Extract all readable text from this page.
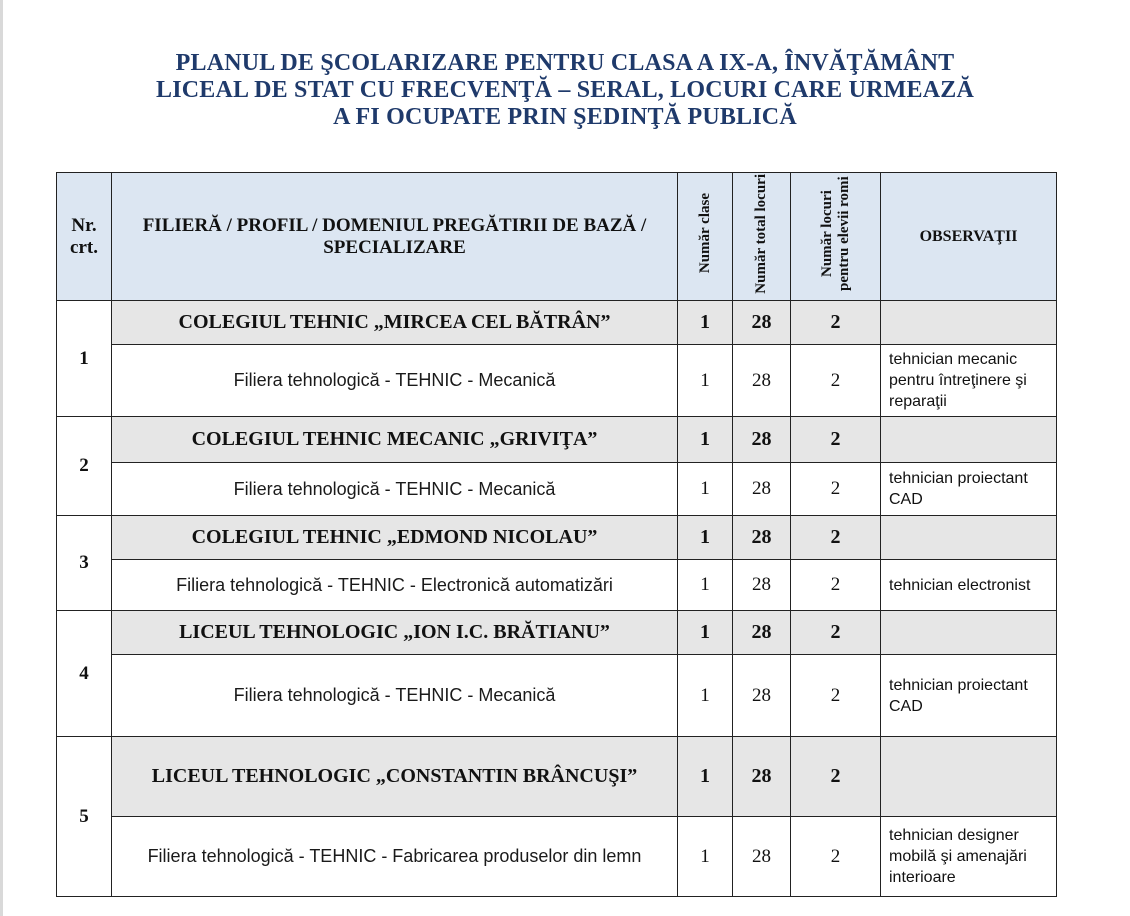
PLANUL DE ŞCOLARIZARE PENTRU CLASA A IX-A, ÎNVĂŢĂMÂNT
LICEAL DE STAT CU FRECVENŢĂ – SERAL, LOCURI CARE URMEAZĂ
A FI OCUPATE PRIN ŞEDINŢĂ PUBLICĂ
Nr. crt.	FILIERĂ / PROFIL / DOMENIUL PREGĂTIRII DE BAZĂ / SPECIALIZARE	Număr clase	Număr total locuri	Număr locuri pentru elevii romi	OBSERVAŢII
1	COLEGIUL TEHNIC „MIRCEA CEL BĂTRÂN”	1	28	2	
	Filiera tehnologică - TEHNIC - Mecanică	1	28	2	tehnician mecanic pentru întreţinere şi reparaţii
2	COLEGIUL TEHNIC MECANIC „GRIVIŢA”	1	28	2	
	Filiera tehnologică - TEHNIC - Mecanică	1	28	2	tehnician proiectant CAD
3	COLEGIUL TEHNIC „EDMOND NICOLAU”	1	28	2	
	Filiera tehnologică - TEHNIC - Electronică automatizări	1	28	2	tehnician electronist
4	LICEUL TEHNOLOGIC „ION I.C. BRĂTIANU”	1	28	2	
	Filiera tehnologică - TEHNIC - Mecanică	1	28	2	tehnician proiectant CAD
5	LICEUL TEHNOLOGIC „CONSTANTIN BRÂNCUŞI”	1	28	2	
	Filiera tehnologică - TEHNIC - Fabricarea produselor din lemn	1	28	2	tehnician designer mobilă şi amenajări interioare
